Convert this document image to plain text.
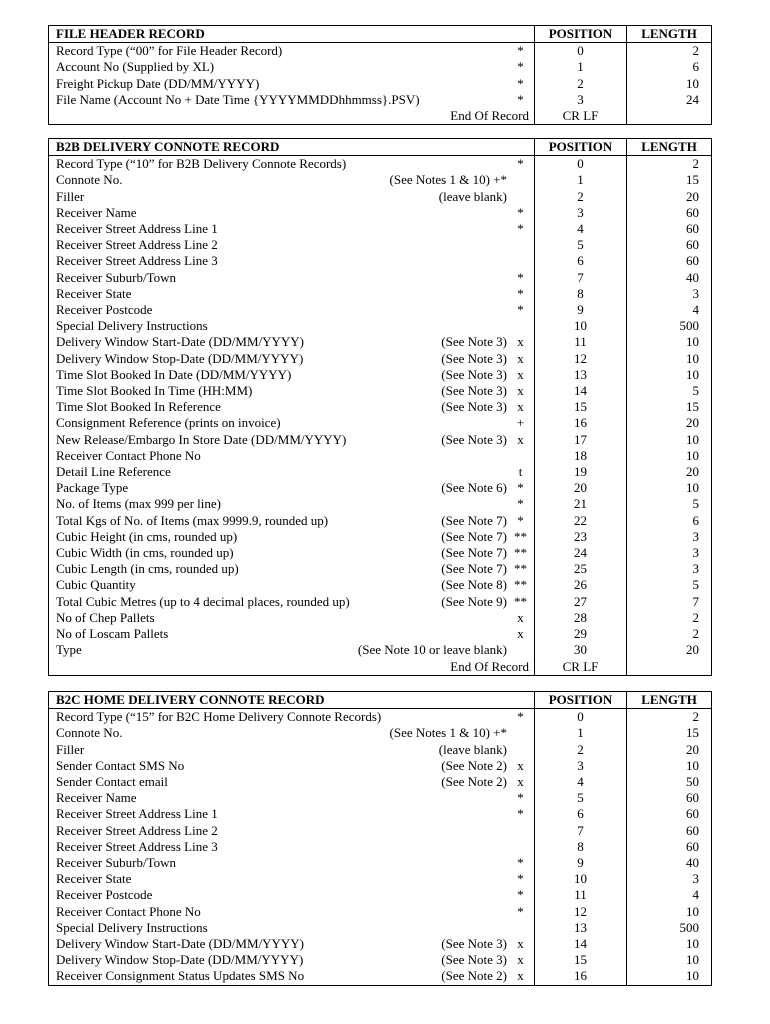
FILE HEADER RECORD	POSITION	LENGTH

Record Type (“00” for File Header Record) *	0	2

Account No (Supplied by XL) *	1	6

Freight Pickup Date (DD/MM/YYYY) *	2	10

File Name (Account No + Date Time {YYYYMMDDhhmmss}.PSV) *	3	24

End Of Record	CR LF	
B2B DELIVERY CONNOTE RECORD	POSITION	LENGTH

Record Type (“10” for B2B Delivery Connote Records) *	0	2

Connote No. (See Notes 1 & 10) +*	1	15

Filler (leave blank)	2	20

Receiver Name *	3	60

Receiver Street Address Line 1 *	4	60

Receiver Street Address Line 2	5	60

Receiver Street Address Line 3	6	60

Receiver Suburb/Town *	7	40

Receiver State *	8	3

Receiver Postcode *	9	4

Special Delivery Instructions	10	500

Delivery Window Start-Date (DD/MM/YYYY) (See Note 3) x	11	10

Delivery Window Stop-Date (DD/MM/YYYY) (See Note 3) x	12	10

Time Slot Booked In Date (DD/MM/YYYY) (See Note 3) x	13	10

Time Slot Booked In Time (HH:MM) (See Note 3) x	14	5

Time Slot Booked In Reference (See Note 3) x	15	15

Consignment Reference (prints on invoice) +	16	20

New Release/Embargo In Store Date (DD/MM/YYYY) (See Note 3) x	17	10

Receiver Contact Phone No	18	10

Detail Line Reference t	19	20

Package Type (See Note 6) *	20	10

No. of Items (max 999 per line) *	21	5

Total Kgs of No. of Items (max 9999.9, rounded up) (See Note 7) *	22	6

Cubic Height (in cms, rounded up) (See Note 7) **	23	3

Cubic Width (in cms, rounded up) (See Note 7) **	24	3

Cubic Length (in cms, rounded up) (See Note 7) **	25	3

Cubic Quantity (See Note 8) **	26	5

Total Cubic Metres (up to 4 decimal places, rounded up) (See Note 9) **	27	7

No of Chep Pallets x	28	2

No of Loscam Pallets x	29	2

Type (See Note 10 or leave blank)	30	20

End Of Record	CR LF	
B2C HOME DELIVERY CONNOTE RECORD	POSITION	LENGTH

Record Type (“15” for B2C Home Delivery Connote Records) *	0	2

Connote No. (See Notes 1 & 10) +*	1	15

Filler (leave blank)	2	20

Sender Contact SMS No (See Note 2) x	3	10

Sender Contact email (See Note 2) x	4	50

Receiver Name *	5	60

Receiver Street Address Line 1 *	6	60

Receiver Street Address Line 2	7	60

Receiver Street Address Line 3	8	60

Receiver Suburb/Town *	9	40

Receiver State *	10	3

Receiver Postcode *	11	4

Receiver Contact Phone No *	12	10

Special Delivery Instructions	13	500

Delivery Window Start-Date (DD/MM/YYYY) (See Note 3) x	14	10

Delivery Window Stop-Date (DD/MM/YYYY) (See Note 3) x	15	10

Receiver Consignment Status Updates SMS No (See Note 2) x	16	10
